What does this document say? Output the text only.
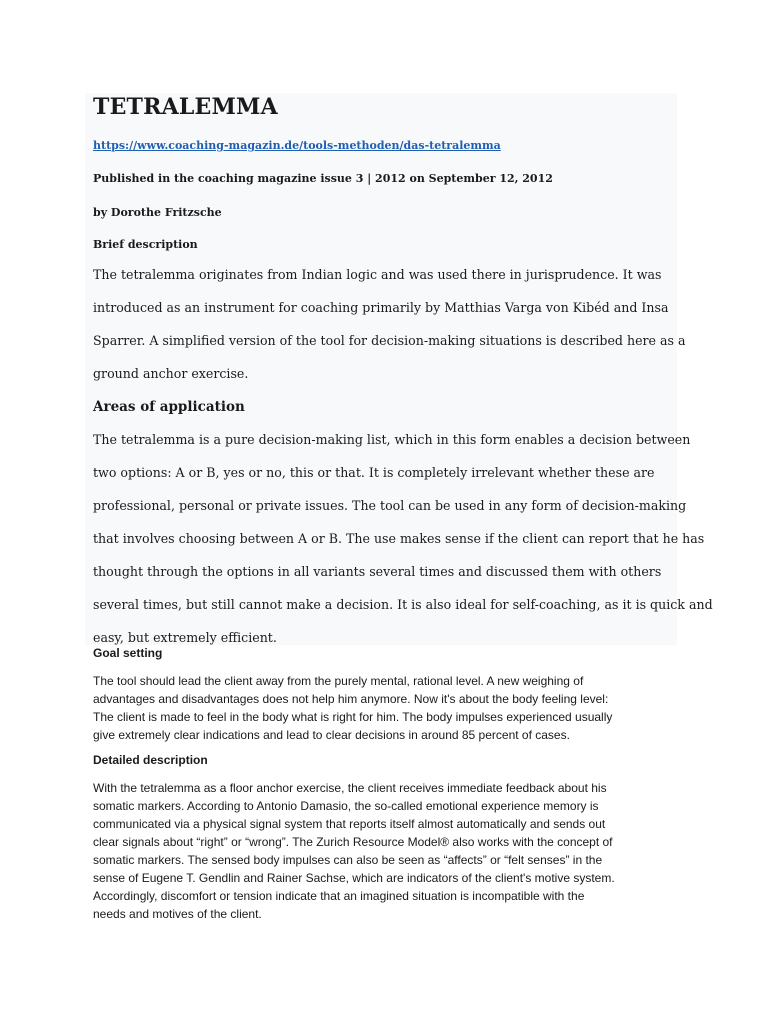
TETRALEMMA
https://www.coaching-magazin.de/tools-methoden/das-tetralemma

Published in the coaching magazine issue 3 | 2012 on September 12, 2012

by Dorothe Fritzsche

Brief description

The tetralemma originates from Indian logic and was used there in jurisprudence. It was
introduced as an instrument for coaching primarily by Matthias Varga von Kibéd and Insa
Sparrer. A simplified version of the tool for decision-making situations is described here as a
ground anchor exercise.
Areas of application
The tetralemma is a pure decision-making list, which in this form enables a decision between
two options: A or B, yes or no, this or that. It is completely irrelevant whether these are
professional, personal or private issues. The tool can be used in any form of decision-making
that involves choosing between A or B. The use makes sense if the client can report that he has
thought through the options in all variants several times and discussed them with others
several times, but still cannot make a decision. It is also ideal for self-coaching, as it is quick and
easy, but extremely efficient.
Goal setting
The tool should lead the client away from the purely mental, rational level. A new weighing of
advantages and disadvantages does not help him anymore. Now it's about the body feeling level:
The client is made to feel in the body what is right for him. The body impulses experienced usually
give extremely clear indications and lead to clear decisions in around 85 percent of cases.
Detailed description
With the tetralemma as a floor anchor exercise, the client receives immediate feedback about his
somatic markers. According to Antonio Damasio, the so-called emotional experience memory is
communicated via a physical signal system that reports itself almost automatically and sends out
clear signals about “right” or “wrong”. The Zurich Resource Model® also works with the concept of
somatic markers. The sensed body impulses can also be seen as “affects” or “felt senses” in the
sense of Eugene T. Gendlin and Rainer Sachse, which are indicators of the client's motive system.
Accordingly, discomfort or tension indicate that an imagined situation is incompatible with the
needs and motives of the client.
